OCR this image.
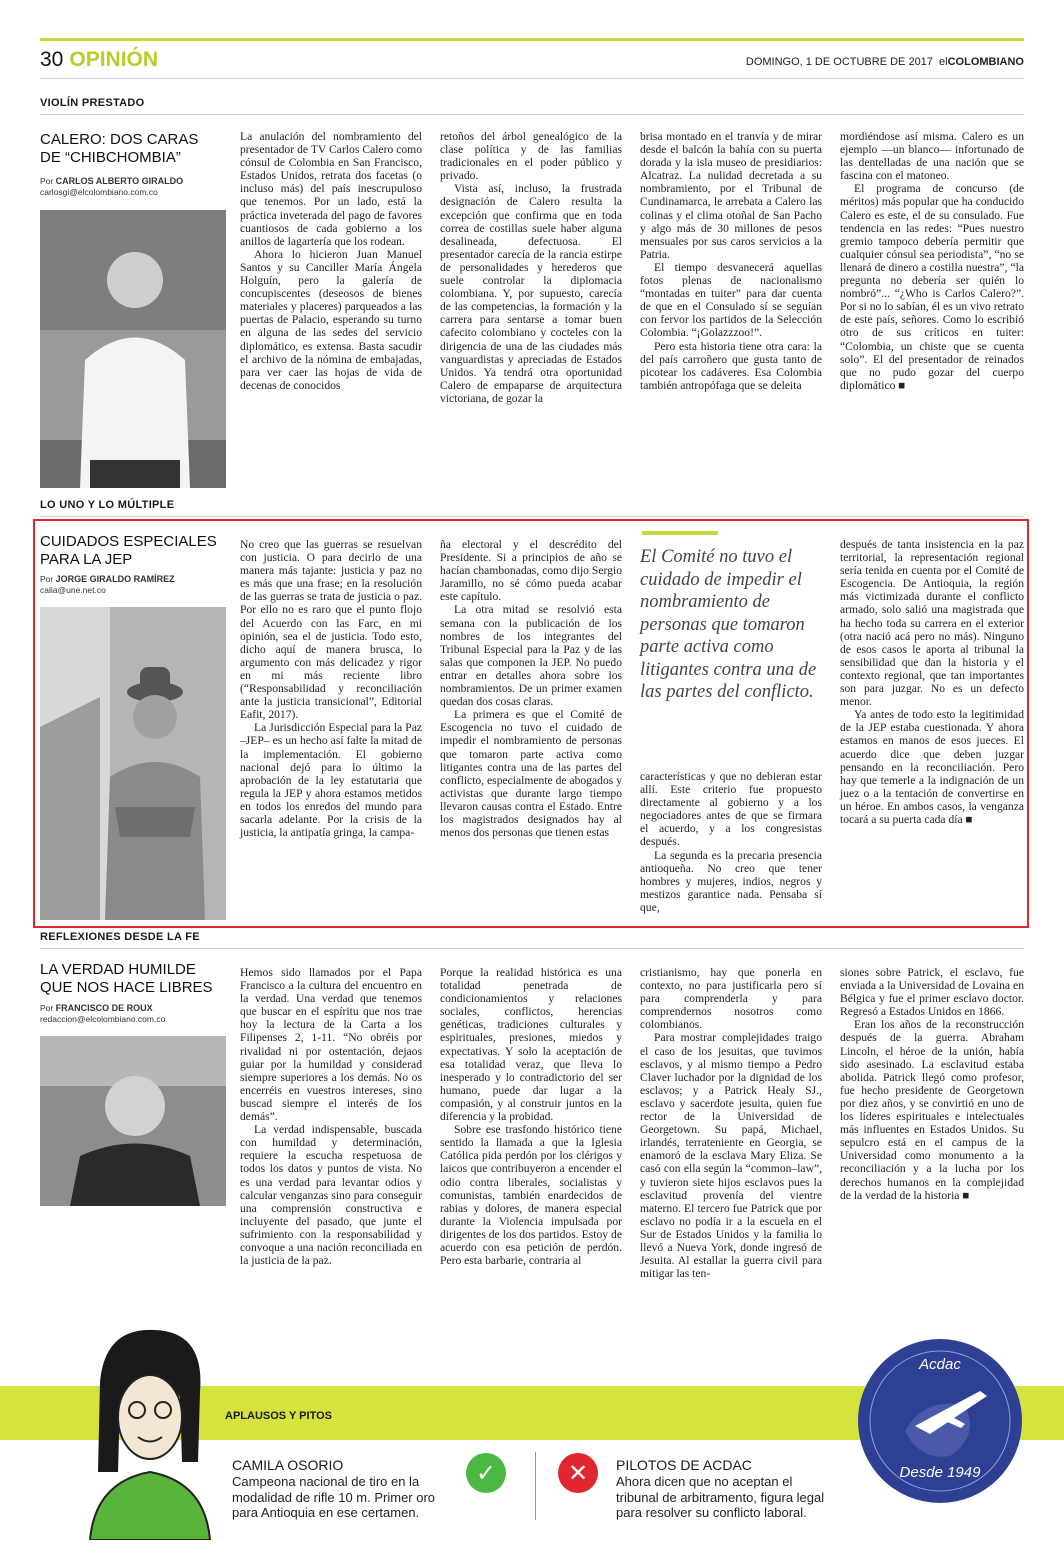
30 OPINIÓN	DOMINGO, 1 DE OCTUBRE DE 2017 elCOLOMBIANO
VIOLÍN PRESTADO
CALERO: DOS CARAS DE “CHIBCHOMBIA”
Por CARLOS ALBERTO GIRALDO
carlosgi@elcolombiano.com.co

La anulación del nombramiento del presentador de TV Carlos Calero como cónsul de Colombia en San Francisco, Estados Unidos, retrata dos facetas (o incluso más) del país inescrupuloso que tenemos. Por un lado, está la práctica inveterada del pago de favores cuantiosos de cada gobierno a los anillos de lagartería que los rodean.

Ahora lo hicieron Juan Manuel Santos y su Canciller María Ángela Holguín, pero la galería de concupiscentes (deseosos de bienes materiales y placeres) parqueados a las puertas de Palacio, esperando su turno en alguna de las sedes del servicio diplomático, es extensa. Basta sacudir el archivo de la nómina de embajadas, para ver caer las hojas de vida de decenas de conocidos

retoños del árbol genealógico de la clase política y de las familias tradicionales en el poder público y privado.

Vista así, incluso, la frustrada designación de Calero resulta la excepción que confirma que en toda correa de costillas suele haber alguna desalineada, defectuosa. El presentador carecía de la rancia estirpe de personalidades y herederos que suele controlar la diplomacia colombiana. Y, por supuesto, carecía de las competencias, la formación y la carrera para sentarse a tomar buen cafecito colombiano y cocteles con la dirigencia de una de las ciudades más vanguardistas y apreciadas de Estados Unidos. Ya tendrá otra oportunidad Calero de empaparse de arquitectura victoriana, de gozar la

brisa montado en el tranvía y de mirar desde el balcón la bahía con su puerta dorada y la isla museo de presidiarios: Alcatraz. La nulidad decretada a su nombramiento, por el Tribunal de Cundinamarca, le arrebata a Calero las colinas y el clima otoñal de San Pacho y algo más de 30 millones de pesos mensuales por sus caros servicios a la Patria.

El tiempo desvanecerá aquellas fotos plenas de nacionalismo “montadas en tuiter” para dar cuenta de que en el Consulado sí se seguían con fervor los partidos de la Selección Colombia. “¡Golazzzoo!”.

Pero esta historia tiene otra cara: la del país carroñero que gusta tanto de picotear los cadáveres. Esa Colombia también antropófaga que se deleita

mordiéndose así misma. Calero es un ejemplo —un blanco— infortunado de las dentelladas de una nación que se fascina con el matoneo.

El programa de concurso (de méritos) más popular que ha conducido Calero es este, el de su consulado. Fue tendencia en las redes: “Pues nuestro gremio tampoco debería permitir que cualquier cónsul sea periodista”, “no se llenará de dinero a costilla nuestra”, “la pregunta no debería ser quién lo nombró”... “¿Who is Carlos Calero?”. Por si no lo sabían, él es un vivo retrato de este país, señores. Como lo escribió otro de sus críticos en tuiter: “Colombia, un chiste que se cuenta solo”. El del presentador de reinados que no pudo gozar del cuerpo diplomático ■

LO UNO Y LO MÚLTIPLE
CUIDADOS ESPECIALES PARA LA JEP
Por JORGE GIRALDO RAMÍREZ
calia@une.net.co

No creo que las guerras se resuelvan con justicia. O para decirlo de una manera más tajante: justicia y paz no es más que una frase; en la resolución de las guerras se trata de justicia o paz. Por ello no es raro que el punto flojo del Acuerdo con las Farc, en mi opinión, sea el de justicia. Todo esto, dicho aquí de manera brusca, lo argumento con más delicadez y rigor en mi más reciente libro (“Responsabilidad y reconciliación ante la justicia transicional”, Editorial Eafit, 2017).

La Jurisdicción Especial para la Paz –JEP– es un hecho así falte la mitad de la implementación. El gobierno nacional dejó para lo último la aprobación de la ley estatutaria que regula la JEP y ahora estamos metidos en todos los enredos del mundo para sacarla adelante. Por la crisis de la justicia, la antipatía gringa, la campa-

ña electoral y el descrédito del Presidente. Si a principios de año se hacían chambonadas, como dijo Sergio Jaramillo, no sé cómo pueda acabar este capítulo.

La otra mitad se resolvió esta semana con la publicación de los nombres de los integrantes del Tribunal Especial para la Paz y de las salas que componen la JEP. No puedo entrar en detalles ahora sobre los nombramientos. De un primer examen quedan dos cosas claras.

La primera es que el Comité de Escogencia no tuvo el cuidado de impedir el nombramiento de personas que tomaron parte activa como litigantes contra una de las partes del conflicto, especialmente de abogados y activistas que durante largo tiempo llevaron causas contra el Estado. Entre los magistrados designados hay al menos dos personas que tienen estas

El Comité no tuvo el cuidado de impedir el nombramiento de personas que tomaron parte activa como litigantes contra una de las partes del conflicto.

características y que no debieran estar allí. Este criterio fue propuesto directamente al gobierno y a los negociadores antes de que se firmara el acuerdo, y a los congresistas después.

La segunda es la precaria presencia antioqueña. No creo que tener hombres y mujeres, indios, negros y mestizos garantice nada. Pensaba sí que,

después de tanta insistencia en la paz territorial, la representación regional sería tenida en cuenta por el Comité de Escogencia. De Antioquia, la región más victimizada durante el conflicto armado, solo salió una magistrada que ha hecho toda su carrera en el exterior (otra nació acá pero no más). Ninguno de esos casos le aporta al tribunal la sensibilidad que dan la historia y el contexto regional, que tan importantes son para juzgar. No es un defecto menor.

Ya antes de todo esto la legitimidad de la JEP estaba cuestionada. Y ahora estamos en manos de esos jueces. El acuerdo dice que deben juzgar pensando en la reconciliación. Pero hay que temerle a la indignación de un juez o a la tentación de convertirse en un héroe. En ambos casos, la venganza tocará a su puerta cada día ■

REFLEXIONES DESDE LA FE
LA VERDAD HUMILDE QUE NOS HACE LIBRES
Por FRANCISCO DE ROUX
redaccion@elcolombiano.com.co

Hemos sido llamados por el Papa Francisco a la cultura del encuentro en la verdad. Una verdad que tenemos que buscar en el espíritu que nos trae hoy la lectura de la Carta a los Filipenses 2, 1-11. “No obréis por rivalidad ni por ostentación, dejaos guiar por la humildad y considerad siempre superiores a los demás. No os encerréis en vuestros intereses, sino buscad siempre el interés de los demás”.

La verdad indispensable, buscada con humildad y determinación, requiere la escucha respetuosa de todos los datos y puntos de vista. No es una verdad para levantar odios y calcular venganzas sino para conseguir una comprensión constructiva e incluyente del pasado, que junte el sufrimiento con la responsabilidad y convoque a una nación reconciliada en la justicia de la paz.

Porque la realidad histórica es una totalidad penetrada de condicionamientos y relaciones sociales, conflictos, herencias genéticas, tradiciones culturales y espirituales, presiones, miedos y expectativas. Y solo la aceptación de esa totalidad veraz, que lleva lo inesperado y lo contradictorio del ser humano, puede dar lugar a la compasión, y al construir juntos en la diferencia y la probidad.

Sobre ese trasfondo histórico tiene sentido la llamada a que la Iglesia Católica pida perdón por los clérigos y laicos que contribuyeron a encender el odio contra liberales, socialistas y comunistas, también enardecidos de rabias y dolores, de manera especial durante la Violencia impulsada por dirigentes de los dos partidos. Estoy de acuerdo con esa petición de perdón. Pero esta barbarie, contraria al

cristianismo, hay que ponerla en contexto, no para justificarla pero sí para comprenderla y para comprendernos nosotros como colombianos.

Para mostrar complejidades traigo el caso de los jesuitas, que tuvimos esclavos, y al mismo tiempo a Pedro Claver luchador por la dignidad de los esclavos; y a Patrick Healy SJ., esclavo y sacerdote jesuita, quien fue rector de la Universidad de Georgetown. Su papá, Michael, irlandés, terrateniente en Georgia, se enamoró de la esclava Mary Eliza. Se casó con ella según la “common–law”, y tuvieron siete hijos esclavos pues la esclavitud provenía del vientre materno. El tercero fue Patrick que por esclavo no podía ir a la escuela en el Sur de Estados Unidos y la familia lo llevó a Nueva York, donde ingresó de Jesuita. Al estallar la guerra civil para mitigar las ten-

siones sobre Patrick, el esclavo, fue enviada a la Universidad de Lovaina en Bélgica y fue el primer esclavo doctor. Regresó a Estados Unidos en 1866.

Eran los años de la reconstrucción después de la guerra. Abraham Lincoln, el héroe de la unión, había sido asesinado. La esclavitud estaba abolida. Patrick llegó como profesor, fue hecho presidente de Georgetown por diez años, y se convirtió en uno de los líderes espirituales e intelectuales más influentes en Estados Unidos. Su sepulcro está en el campus de la Universidad como monumento a la reconciliación y a la lucha por los derechos humanos en la complejidad de la verdad de la historia ■

APLAUSOS Y PITOS
CAMILA OSORIO
Campeona nacional de tiro en la modalidad de rifle 10 m. Primer oro para Antioquia en ese certamen.
✓	✕	PILOTOS DE ACDAC
Ahora dicen que no aceptan el tribunal de arbitramento, figura legal para resolver su conflicto laboral.
Acdac
Desde 1949
